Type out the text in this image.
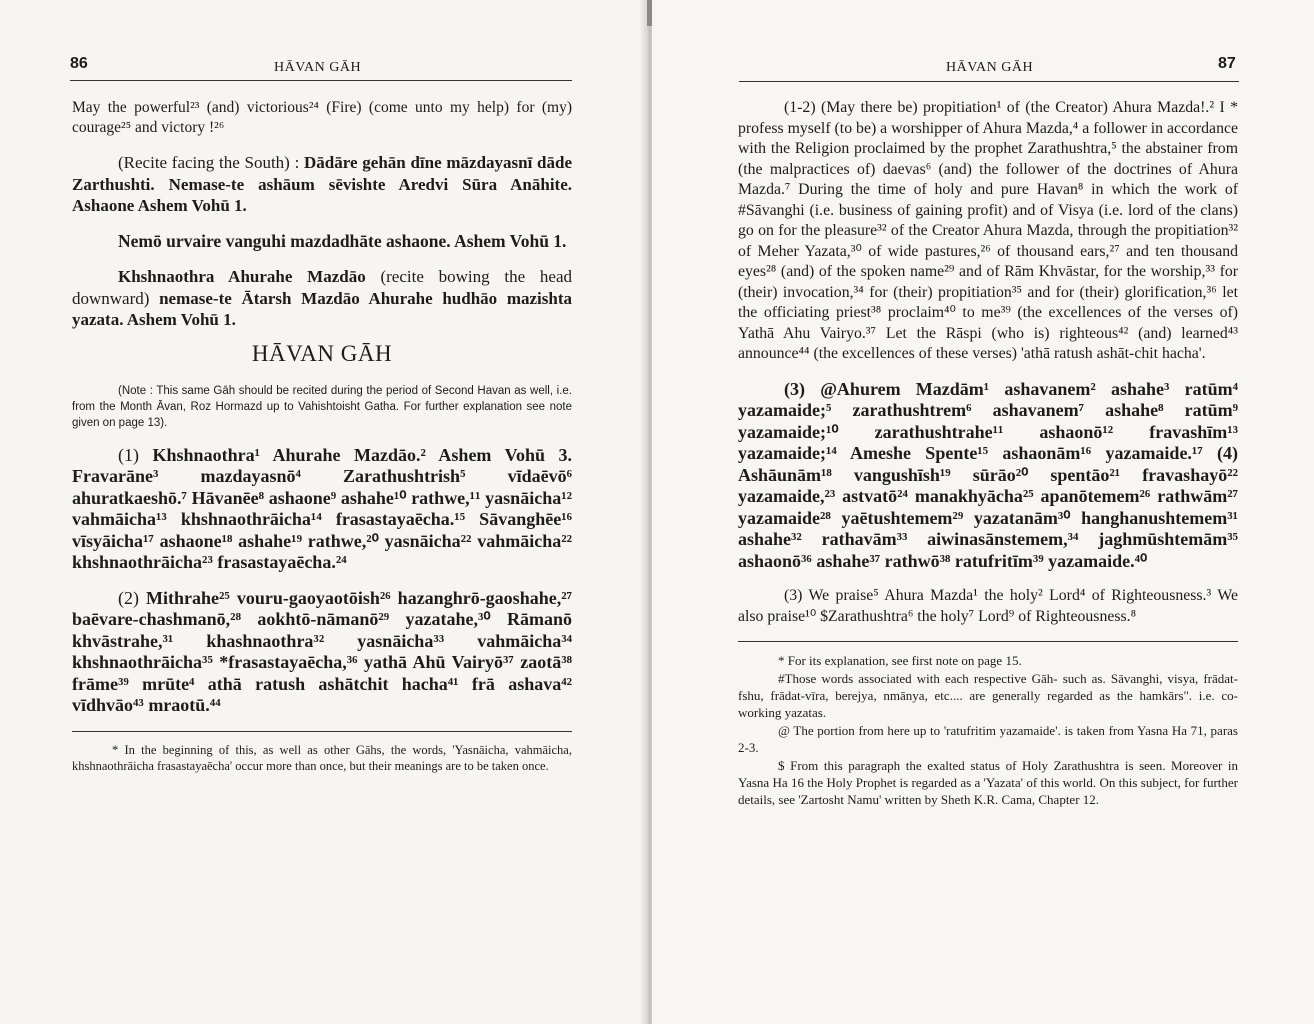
86	HĀVAN GĀH

May the powerful²³ (and) victorious²⁴ (Fire) (come unto my help) for (my) courage²⁵ and victory !²⁶

(Recite facing the South) : Dādāre gehān dīne māzdayasnī dāde Zarthushti. Nemase-te ashāum sēvishte Aredvi Sūra Anāhite. Ashaone Ashem Vohū 1.

Nemō urvaire vanguhi mazdadhāte ashaone. Ashem Vohū 1.

Khshnaothra Ahurahe Mazdāo (recite bowing the head downward) nemase-te Ātarsh Mazdāo Ahurahe hudhāo mazishta yazata. Ashem Vohū 1.

HĀVAN GĀH

(Note : This same Gāh should be recited during the period of Second Havan as well, i.e. from the Month Āvan, Roz Hormazd up to Vahishtoisht Gatha. For further explanation see note given on page 13).

(1) Khshnaothra¹ Ahurahe Mazdāo.² Ashem Vohū 3. Fravarāne³ mazdayasnō⁴ Zarathushtrish⁵ vīdaēvō⁶ ahuratkaeshō.⁷ Hāvanēe⁸ ashaone⁹ ashahe¹⁰ rathwe,¹¹ yasnāicha¹² vahmāicha¹³ khshnaothrāicha¹⁴ frasastayaēcha.¹⁵ Sāvanghēe¹⁶ vīsyāicha¹⁷ ashaone¹⁸ ashahe¹⁹ rathwe,²⁰ yasnāicha²² vahmāicha²² khshnaothrāicha²³ frasastayaēcha.²⁴

(2) Mithrahe²⁵ vouru-gaoyaotōish²⁶ hazanghrō-gaoshahe,²⁷ baēvare-chashmanō,²⁸ aokhtō-nāmanō²⁹ yazatahe,³⁰ Rāmanō khvāstrahe,³¹ khashnaothra³² yasnāicha³³ vahmāicha³⁴ khshnaothrāicha³⁵ *frasastayaēcha,³⁶ yathā Ahū Vairyō³⁷ zaotā³⁸ frāme³⁹ mrūte⁴ athā ratush ashātchit hacha⁴¹ frā ashava⁴² vīdhvāo⁴³ mraotū.⁴⁴

* In the beginning of this, as well as other Gāhs, the words, 'Yasnāicha, vahmāicha, khshnaothrāicha frasastayaēcha' occur more than once, but their meanings are to be taken once.

87
HĀVAN GĀH

(1-2) (May there be) propitiation¹ of (the Creator) Ahura Mazda!.² I * profess myself (to be) a worshipper of Ahura Mazda,⁴ a follower in accordance with the Religion proclaimed by the prophet Zarathushtra,⁵ the abstainer from (the malpractices of) daevas⁶ (and) the follower of the doctrines of Ahura Mazda.⁷ During the time of holy and pure Havan⁸ in which the work of #Sāvanghi (i.e. business of gaining profit) and of Visya (i.e. lord of the clans) go on for the pleasure³² of the Creator Ahura Mazda, through the propitiation³² of Meher Yazata,³⁰ of wide pastures,²⁶ of thousand ears,²⁷ and ten thousand eyes²⁸ (and) of the spoken name²⁹ and of Rām Khvāstar, for the worship,³³ for (their) invocation,³⁴ for (their) propitiation³⁵ and for (their) glorification,³⁶ let the officiating priest³⁸ proclaim⁴⁰ to me³⁹ (the excellences of the verses of) Yathā Ahu Vairyo.³⁷ Let the Rāspi (who is) righteous⁴² (and) learned⁴³ announce⁴⁴ (the excellences of these verses) 'athā ratush ashāt-chit hacha'.

(3) @Ahurem Mazdām¹ ashavanem² ashahe³ ratūm⁴ yazamaide;⁵ zarathushtrem⁶ ashavanem⁷ ashahe⁸ ratūm⁹ yazamaide;¹⁰ zarathushtrahe¹¹ ashaonō¹² fravashīm¹³ yazamaide;¹⁴ Ameshe Spente¹⁵ ashaonām¹⁶ yazamaide.¹⁷ (4) Ashāunām¹⁸ vangushīsh¹⁹ sūrāo²⁰ spentāo²¹ fravashayō²² yazamaide,²³ astvatō²⁴ manakhyācha²⁵ apanōtemem²⁶ rathwām²⁷ yazamaide²⁸ yaētushtemem²⁹ yazatanām³⁰ hanghanushtemem³¹ ashahe³² rathavām³³ aiwinasānstemem,³⁴ jaghmūshtemām³⁵ ashaonō³⁶ ashahe³⁷ rathwō³⁸ ratufritīm³⁹ yazamaide.⁴⁰

(3) We praise⁵ Ahura Mazda¹ the holy² Lord⁴ of Righteousness.³ We also praise¹⁰ $Zarathushtra⁶ the holy⁷ Lord⁹ of Righteousness.⁸

* For its explanation, see first note on page 15.

#Those words associated with each respective Gāh- such as. Sāvanghi, visya, frādat-fshu, frādat-vīra, berejya, nmānya, etc.... are generally regarded as the hamkārs". i.e. co-working yazatas.

@ The portion from here up to 'ratufritim yazamaide'. is taken from Yasna Ha 71, paras 2-3.

$ From this paragraph the exalted status of Holy Zarathushtra is seen. Moreover in Yasna Ha 16 the Holy Prophet is regarded as a 'Yazata' of this world. On this subject, for further details, see 'Zartosht Namu' written by Sheth K.R. Cama, Chapter 12.
